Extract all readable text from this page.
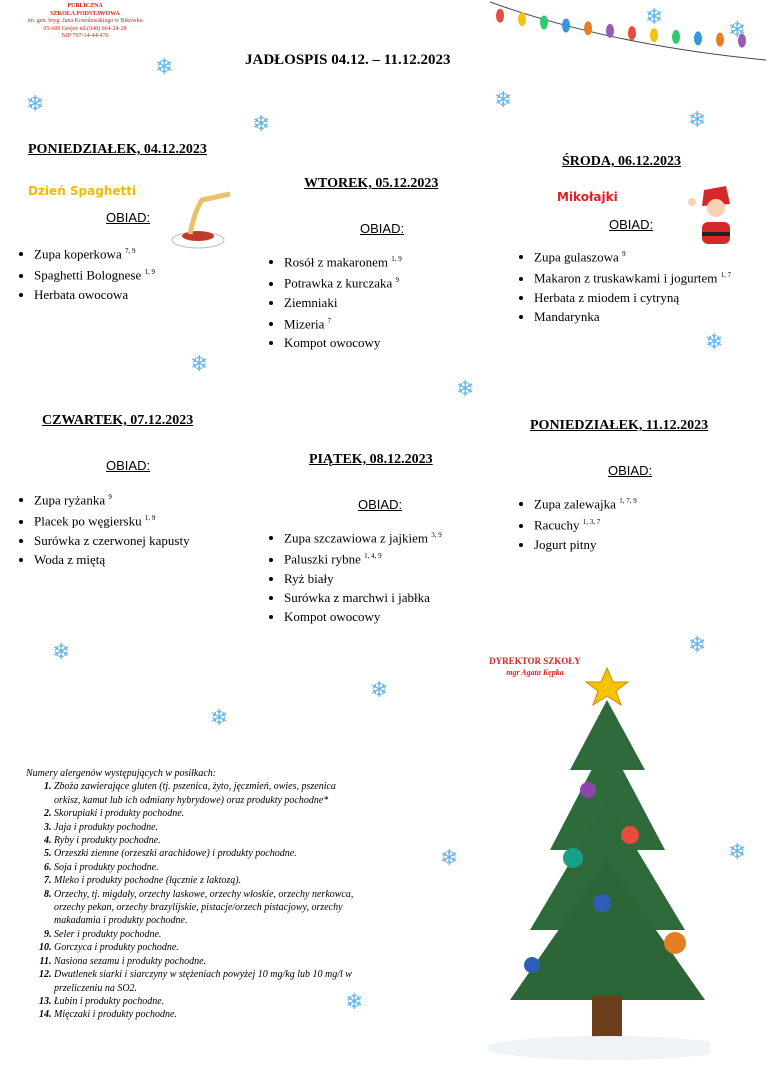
PUBLICZNA
SZKOŁA PODSTAWOWA
im. gen. bryg. Jana Kowalewskiego w Bikówku
05-600 Grójec tel.(048) 664-24-28
NIP 797-14-44-476
JADŁOSPIS 04.12. – 11.12.2023
PONIEDZIAŁEK, 04.12.2023
Dzień Spaghetti
OBIAD:
• Zupa koperkowa $^{7, 9}$
• Spaghetti Bolognese $^{1, 9}$
• Herbata owocowa
WTOREK, 05.12.2023
OBIAD:
• Rosół z makaronem $^{1, 9}$
• Potrawka z kurczaka $^9$
• Ziemniaki
• Mizeria $^7$
• Kompot owocowy
ŚRODA, 06.12.2023
Mikołajki
OBIAD:
• Zupa gulaszowa $^9$
• Makaron z truskawkami i jogurtem $^{1, 7}$
• Herbata z miodem i cytryną
• Mandarynka
CZWARTEK, 07.12.2023
OBIAD:
• Zupa ryżanka $^9$
• Placek po węgiersku $^{1, 9}$
• Surówka z czerwonej kapusty
• Woda z miętą
PIĄTEK, 08.12.2023
OBIAD:
• Zupa szczawiowa z jajkiem $^{3, 9}$
• Paluszki rybne $^{1, 4, 9}$
• Ryż biały
• Surówka z marchwi i jabłka
• Kompot owocowy
PONIEDZIAŁEK, 11.12.2023
OBIAD:
• Zupa zalewajka $^{1, 7, 9}$
• Racuchy $^{1, 3, 7}$
• Jogurt pitny
DYREKTOR SZKOŁY
mgr Agata Kępka
Numery alergenów występujących w posiłkach:
1. Zboża zawierające gluten (tj. pszenica, żyto, jęczmień, owies, pszenica orkisz, kamut lub ich odmiany hybrydowe) oraz produkty pochodne*
2. Skorupiaki i produkty pochodne.
3. Jaja i produkty pochodne.
4. Ryby i produkty pochodne.
5. Orzeszki ziemne (orzeszki arachidowe) i produkty pochodne.
6. Soja i produkty pochodne.
7. Mleko i produkty pochodne (łącznie z laktozą).
8. Orzechy, tj. migdały, orzechy laskowe, orzechy włoskie, orzechy nerkowca, orzechy pekan, orzechy brazylijskie, pistacje/orzech pistacjowy, orzechy makadamia i produkty pochodne.
9. Seler i produkty pochodne.
10. Gorczyca i produkty pochodne.
11. Nasiona sezamu i produkty pochodne.
12. Dwutlenek siarki i siarczyny w stężeniach powyżej 10 mg/kg lub 10 mg/l w przeliczeniu na SO2.
13. Łubin i produkty pochodne.
14. Mięczaki i produkty pochodne.
❄
❄
❄
❄
❄
❄
❄
❄
❄
❄
❄
❄
❄
❄
❄	❄
❄
